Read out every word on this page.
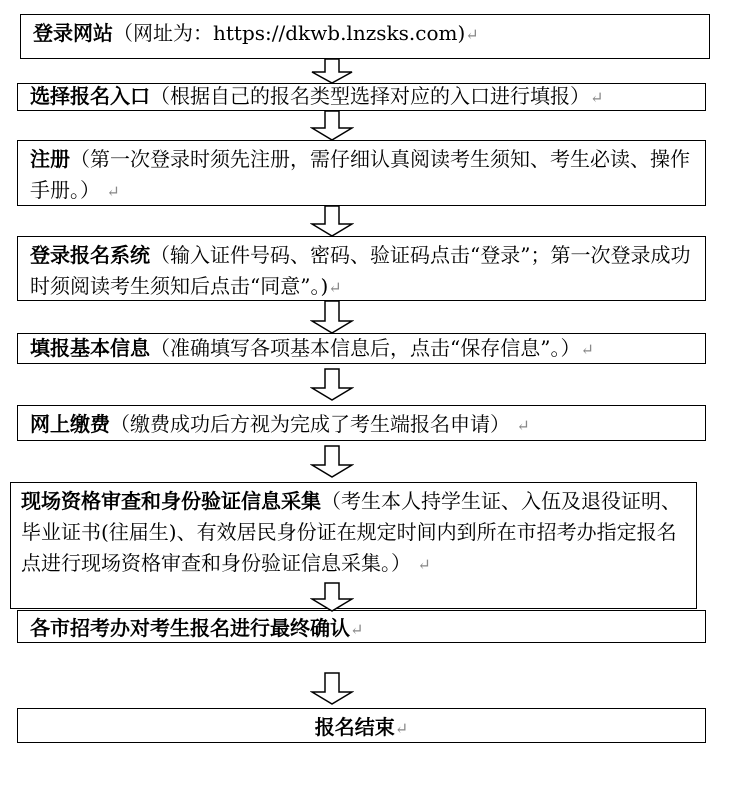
登录网站（网址为：https://dkwb.lnzsks.com)↵
选择报名入口（根据自己的报名类型选择对应的入口进行填报）↵
注册（第一次登录时须先注册，需仔细认真阅读考生须知、考生必读、操作手册。） ↵
登录报名系统（输入证件号码、密码、验证码点击“登录”；第一次登录成功时须阅读考生须知后点击“同意”。)↵
填报基本信息（准确填写各项基本信息后，点击“保存信息”。）↵
网上缴费（缴费成功后方视为完成了考生端报名申请） ↵
现场资格审查和身份验证信息采集（考生本人持学生证、入伍及退役证明、毕业证书(往届生)、有效居民身份证在规定时间内到所在市招考办指定报名点进行现场资格审查和身份验证信息采集。） ↵
各市招考办对考生报名进行最终确认↵
报名结束↵
